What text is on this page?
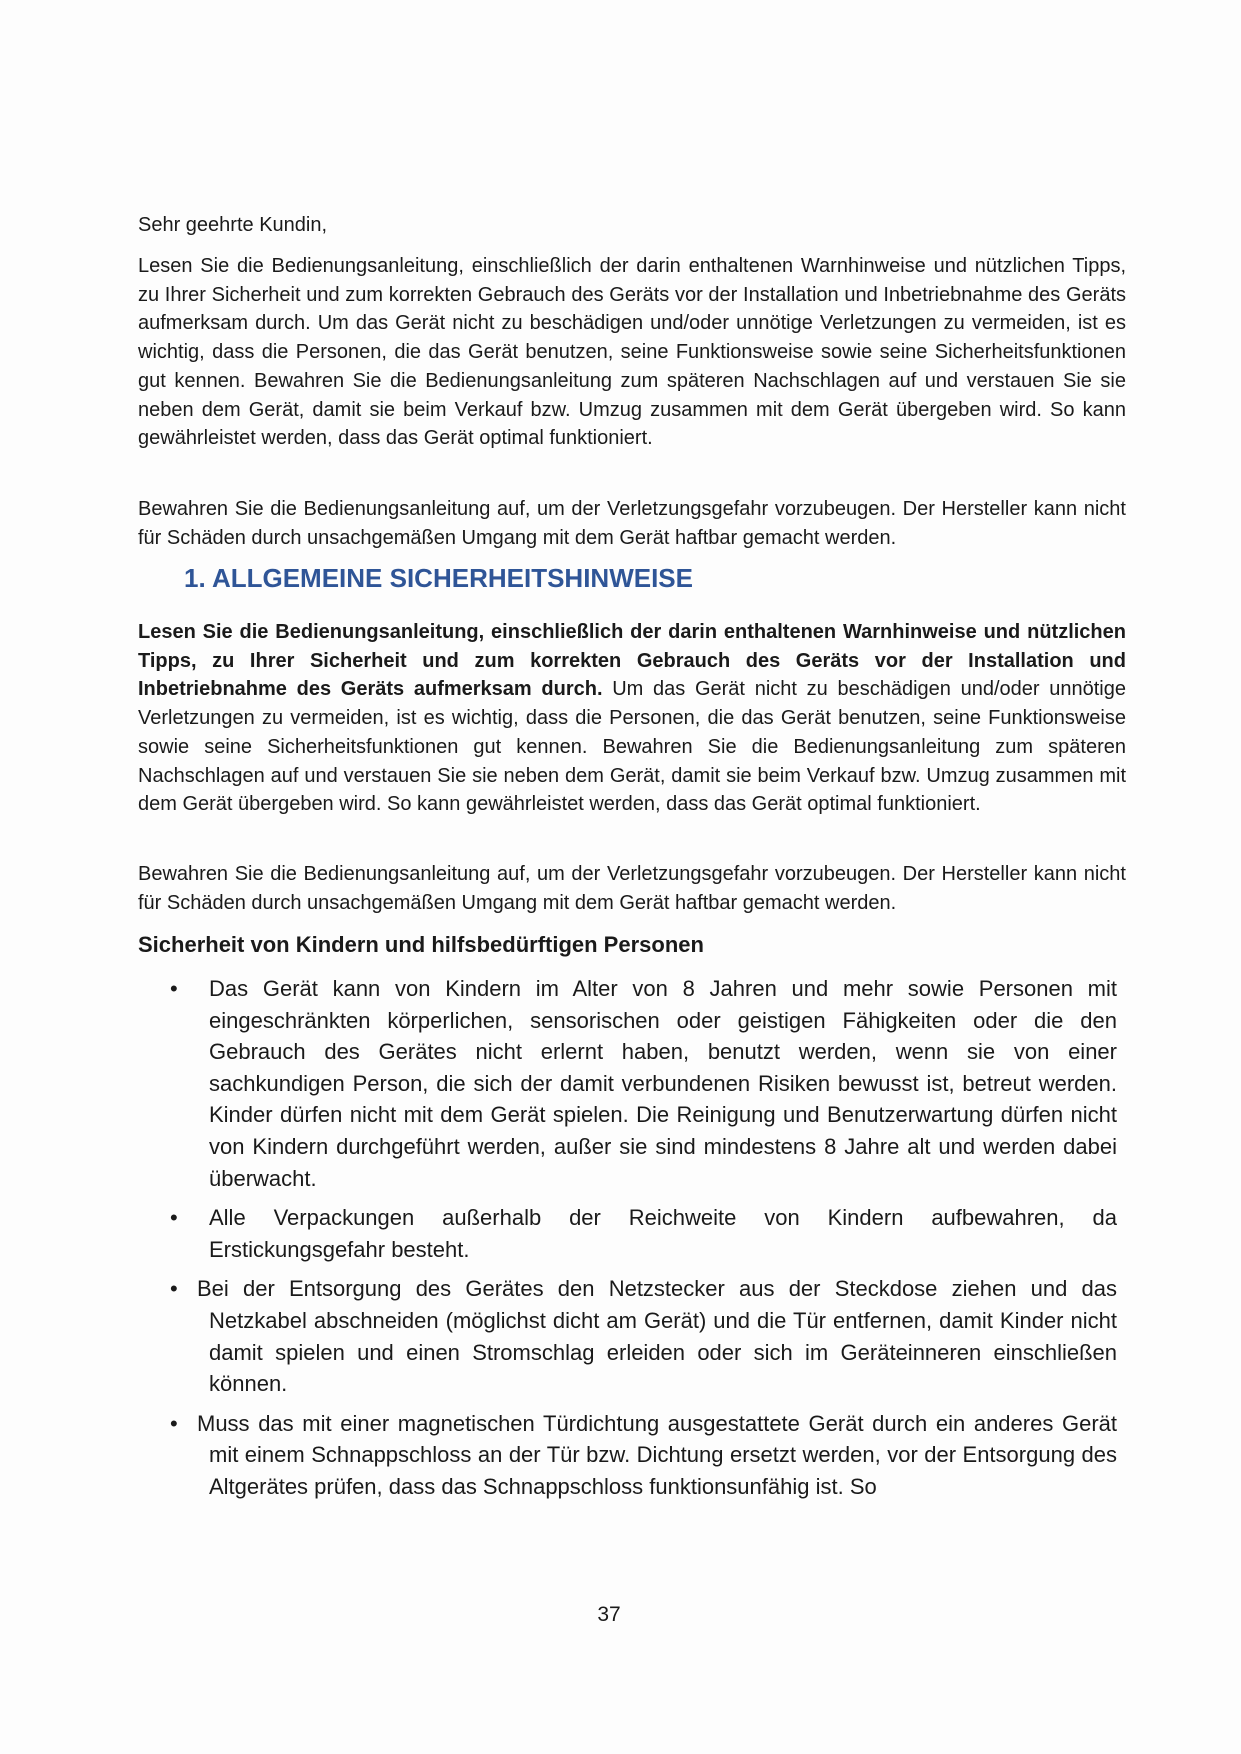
Sehr geehrte Kundin,

Lesen Sie die Bedienungsanleitung, einschließlich der darin enthaltenen Warnhinweise und nützlichen Tipps, zu Ihrer Sicherheit und zum korrekten Gebrauch des Geräts vor der Installation und Inbetriebnahme des Geräts aufmerksam durch. Um das Gerät nicht zu beschädigen und/oder unnötige Verletzungen zu vermeiden, ist es wichtig, dass die Personen, die das Gerät benutzen, seine Funktionsweise sowie seine Sicherheitsfunktionen gut kennen. Bewahren Sie die Bedienungsanleitung zum späteren Nachschlagen auf und verstauen Sie sie neben dem Gerät, damit sie beim Verkauf bzw. Umzug zusammen mit dem Gerät übergeben wird. So kann gewährleistet werden, dass das Gerät optimal funktioniert.

Bewahren Sie die Bedienungsanleitung auf, um der Verletzungsgefahr vorzubeugen. Der Hersteller kann nicht für Schäden durch unsachgemäßen Umgang mit dem Gerät haftbar gemacht werden.

1. ALLGEMEINE SICHERHEITSHINWEISE

Lesen Sie die Bedienungsanleitung, einschließlich der darin enthaltenen Warnhinweise und nützlichen Tipps, zu Ihrer Sicherheit und zum korrekten Gebrauch des Geräts vor der Installation und Inbetriebnahme des Geräts aufmerksam durch. Um das Gerät nicht zu beschädigen und/oder unnötige Verletzungen zu vermeiden, ist es wichtig, dass die Personen, die das Gerät benutzen, seine Funktionsweise sowie seine Sicherheitsfunktionen gut kennen. Bewahren Sie die Bedienungsanleitung zum späteren Nachschlagen auf und verstauen Sie sie neben dem Gerät, damit sie beim Verkauf bzw. Umzug zusammen mit dem Gerät übergeben wird. So kann gewährleistet werden, dass das Gerät optimal funktioniert.

Bewahren Sie die Bedienungsanleitung auf, um der Verletzungsgefahr vorzubeugen. Der Hersteller kann nicht für Schäden durch unsachgemäßen Umgang mit dem Gerät haftbar gemacht werden.

Sicherheit von Kindern und hilfsbedürftigen Personen
• Das Gerät kann von Kindern im Alter von 8 Jahren und mehr sowie Personen mit eingeschränkten körperlichen, sensorischen oder geistigen Fähigkeiten oder die den Gebrauch des Gerätes nicht erlernt haben, benutzt werden, wenn sie von einer sachkundigen Person, die sich der damit verbundenen Risiken bewusst ist, betreut werden. Kinder dürfen nicht mit dem Gerät spielen. Die Reinigung und Benutzerwartung dürfen nicht von Kindern durchgeführt werden, außer sie sind mindestens 8 Jahre alt und werden dabei überwacht.
• Alle Verpackungen außerhalb der Reichweite von Kindern aufbewahren, da Erstickungsgefahr besteht.
• Bei der Entsorgung des Gerätes den Netzstecker aus der Steckdose ziehen und das Netzkabel abschneiden (möglichst dicht am Gerät) und die Tür entfernen, damit Kinder nicht damit spielen und einen Stromschlag erleiden oder sich im Geräteinneren einschließen können.
• Muss das mit einer magnetischen Türdichtung ausgestattete Gerät durch ein anderes Gerät mit einem Schnappschloss an der Tür bzw. Dichtung ersetzt werden, vor der Entsorgung des Altgerätes prüfen, dass das Schnappschloss funktionsunfähig ist. So
37
